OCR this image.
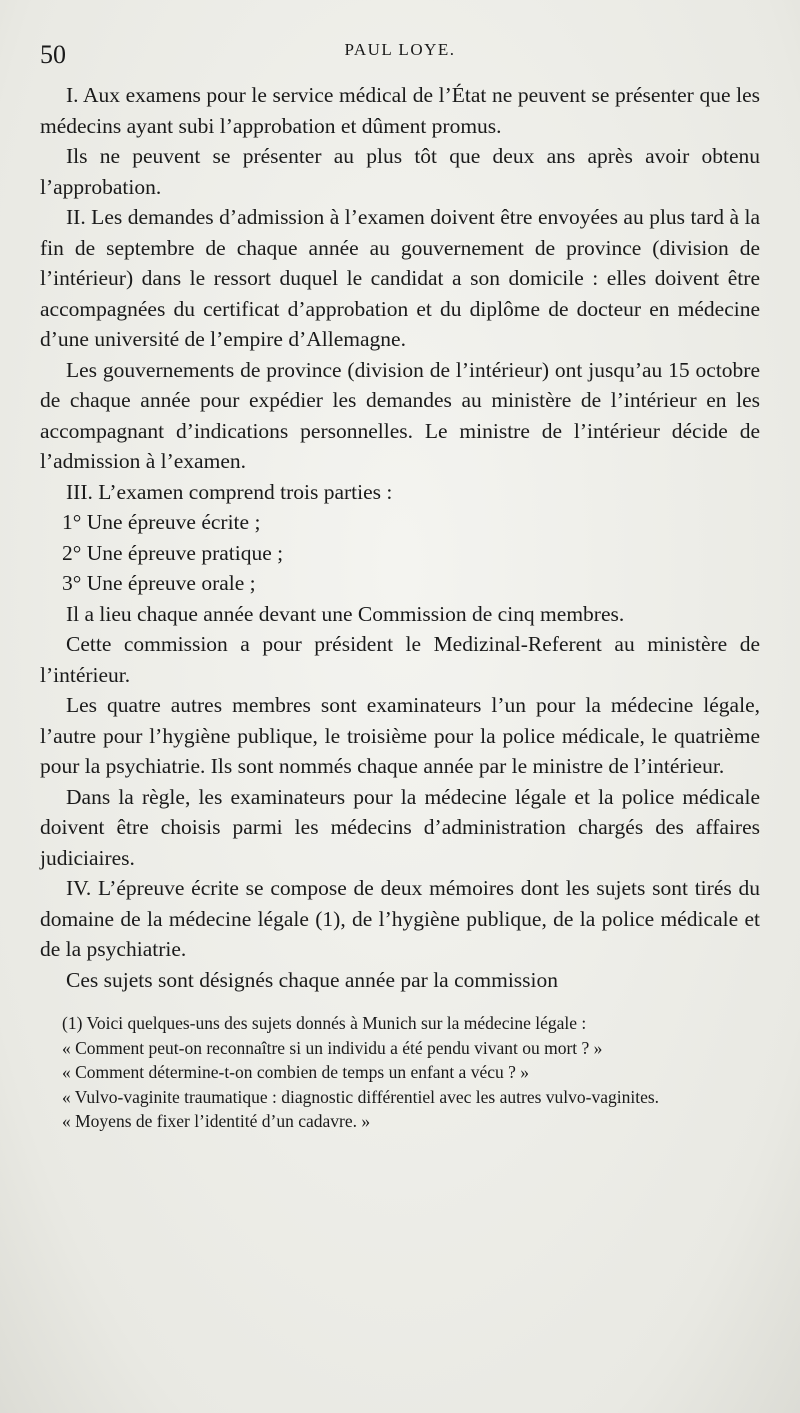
50	PAUL LOYE.

I. Aux examens pour le service médical de l’État ne peuvent se présenter que les médecins ayant subi l’approbation et dûment promus.

Ils ne peuvent se présenter au plus tôt que deux ans après avoir obtenu l’approbation.

II. Les demandes d’admission à l’examen doivent être envoyées au plus tard à la fin de septembre de chaque année au gouvernement de province (division de l’intérieur) dans le ressort duquel le candidat a son domicile : elles doivent être accompagnées du certificat d’approbation et du diplôme de docteur en médecine d’une université de l’empire d’Allemagne.

Les gouvernements de province (division de l’intérieur) ont jusqu’au 15 octobre de chaque année pour expédier les demandes au ministère de l’intérieur en les accompagnant d’indications personnelles. Le ministre de l’intérieur décide de l’admission à l’examen.

III. L’examen comprend trois parties :

1° Une épreuve écrite ;

2° Une épreuve pratique ;

3° Une épreuve orale ;

Il a lieu chaque année devant une Commission de cinq membres.

Cette commission a pour président le Medizinal-Referent au ministère de l’intérieur.

Les quatre autres membres sont examinateurs l’un pour la médecine légale, l’autre pour l’hygiène publique, le troisième pour la police médicale, le quatrième pour la psychiatrie. Ils sont nommés chaque année par le ministre de l’intérieur.

Dans la règle, les examinateurs pour la médecine légale et la police médicale doivent être choisis parmi les médecins d’administration chargés des affaires judiciaires.

IV. L’épreuve écrite se compose de deux mémoires dont les sujets sont tirés du domaine de la médecine légale (1), de l’hygiène publique, de la police médicale et de la psychiatrie.

Ces sujets sont désignés chaque année par la commission

(1) Voici quelques-uns des sujets donnés à Munich sur la médecine légale :

« Comment peut-on reconnaître si un individu a été pendu vivant ou mort ? »

« Comment détermine-t-on combien de temps un enfant a vécu ? »

« Vulvo-vaginite traumatique : diagnostic différentiel avec les autres vulvo-vaginites.

« Moyens de fixer l’identité d’un cadavre. »
